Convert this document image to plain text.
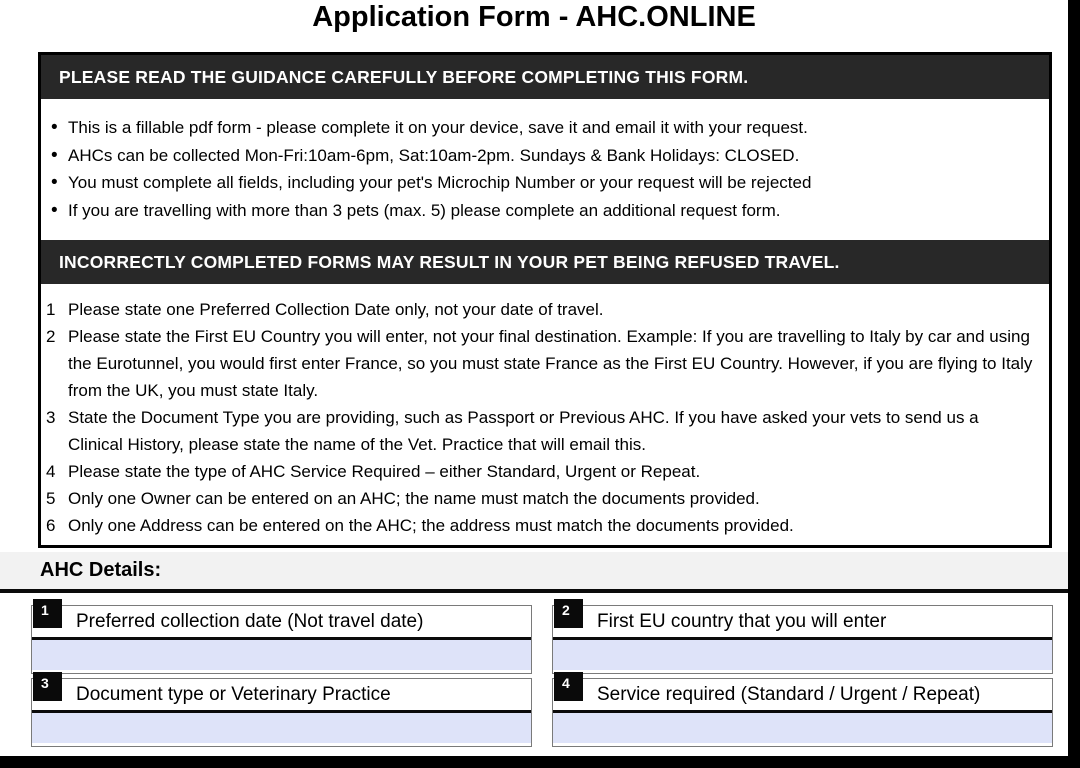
Application Form - AHC.ONLINE
PLEASE READ THE GUIDANCE CAREFULLY BEFORE COMPLETING THIS FORM.
• This is a fillable pdf form - please complete it on your device, save it and email it with your request.
• AHCs can be collected Mon-Fri:10am-6pm, Sat:10am-2pm. Sundays & Bank Holidays: CLOSED.
• You must complete all fields, including your pet's Microchip Number or your request will be rejected
• If you are travelling with more than 3 pets (max. 5) please complete an additional request form.
INCORRECTLY COMPLETED FORMS MAY RESULT IN YOUR PET BEING REFUSED TRAVEL.
Please state one Preferred Collection Date only, not your date of travel.
Please state the First EU Country you will enter, not your final destination. Example: If you are travelling to Italy by car and using the Eurotunnel, you would first enter France, so you must state France as the First EU Country. However, if you are flying to Italy from the UK, you must state Italy.
State the Document Type you are providing, such as Passport or Previous AHC. If you have asked your vets to send us a Clinical History, please state the name of the Vet. Practice that will email this.
Please state the type of AHC Service Required – either Standard, Urgent or Repeat.
Only one Owner can be entered on an AHC; the name must match the documents provided.
Only one Address can be entered on the AHC; the address must match the documents provided.
AHC Details:
1
Preferred collection date (Not travel date)
2
First EU country that you will enter
3
Document type or Veterinary Practice
4
Service required (Standard / Urgent / Repeat)
